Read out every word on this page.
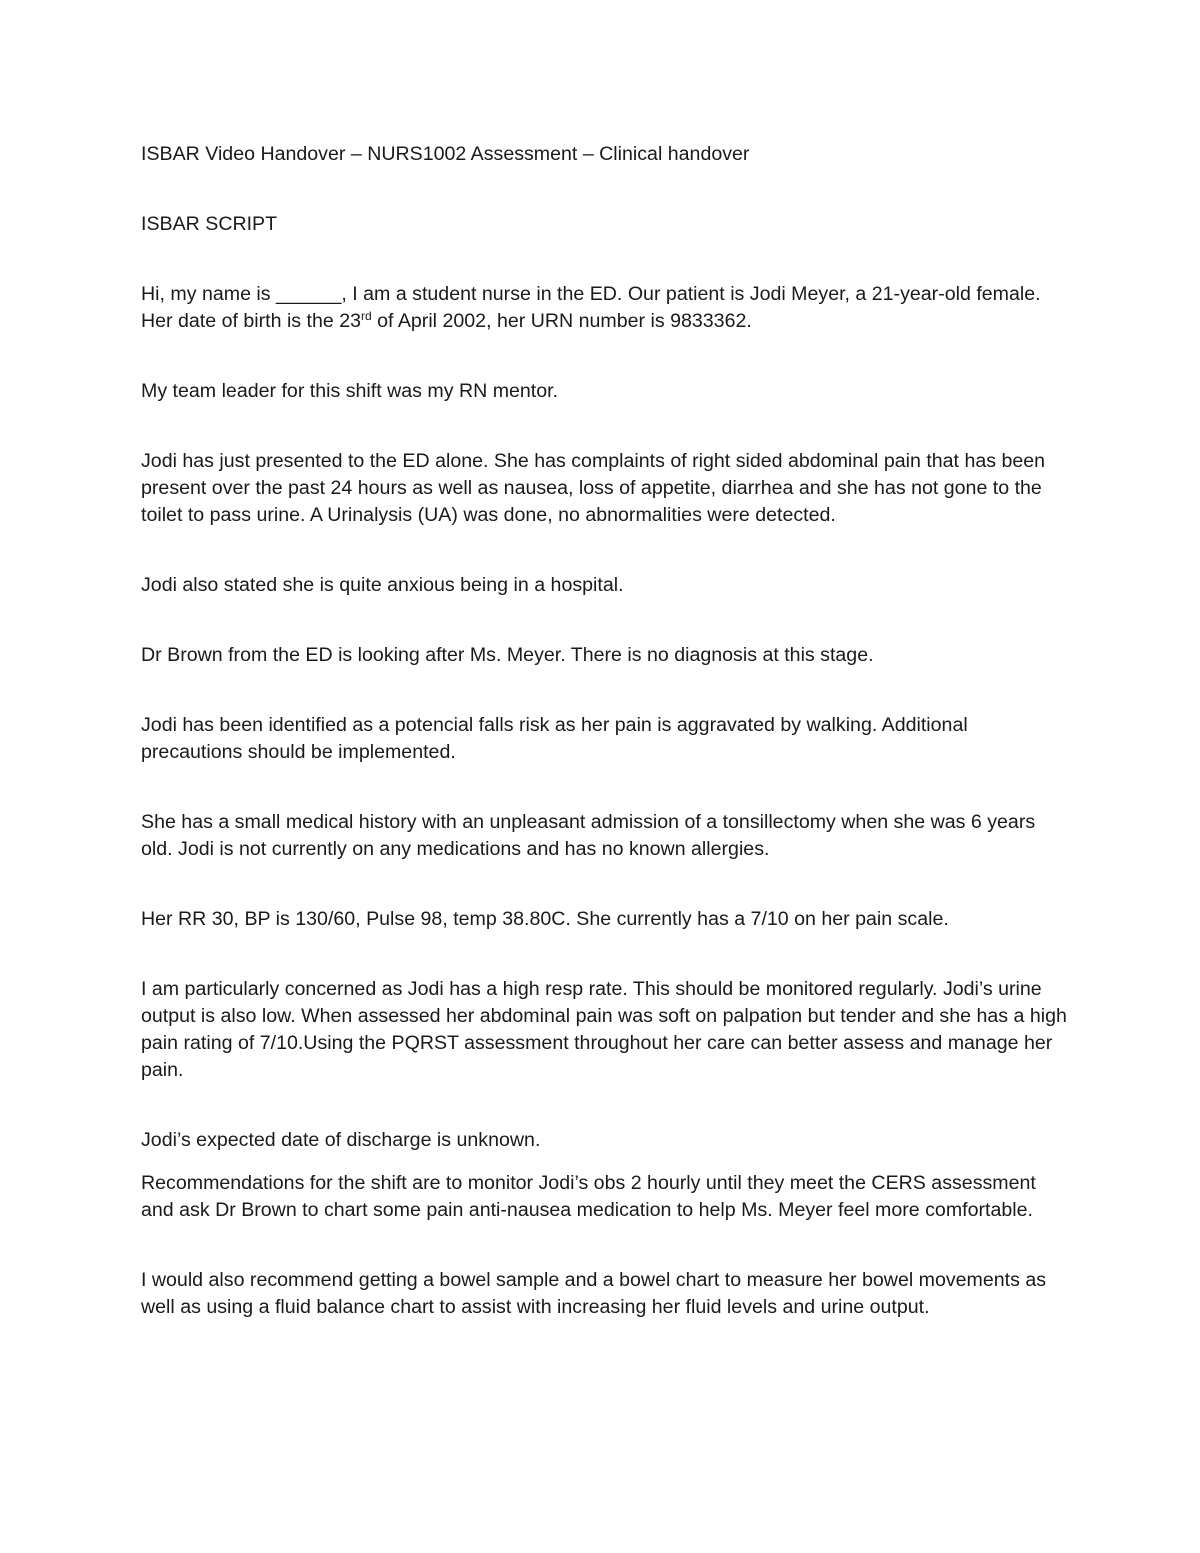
ISBAR Video Handover – NURS1002 Assessment – Clinical handover

ISBAR SCRIPT

Hi, my name is ______, I am a student nurse in the ED. Our patient is Jodi Meyer, a 21-year-old female. Her date of birth is the 23rd of April 2002, her URN number is 9833362.

My team leader for this shift was my RN mentor.

Jodi has just presented to the ED alone. She has complaints of right sided abdominal pain that has been present over the past 24 hours as well as nausea, loss of appetite, diarrhea and she has not gone to the toilet to pass urine. A Urinalysis (UA) was done, no abnormalities were detected.

Jodi also stated she is quite anxious being in a hospital.

Dr Brown from the ED is looking after Ms. Meyer. There is no diagnosis at this stage.

Jodi has been identified as a potencial falls risk as her pain is aggravated by walking. Additional precautions should be implemented.

She has a small medical history with an unpleasant admission of a tonsillectomy when she was 6 years old. Jodi is not currently on any medications and has no known allergies.

Her RR 30, BP is 130/60, Pulse 98, temp 38.80C. She currently has a 7/10 on her pain scale.

I am particularly concerned as Jodi has a high resp rate. This should be monitored regularly. Jodi’s urine output is also low. When assessed her abdominal pain was soft on palpation but tender and she has a high pain rating of 7/10.Using the PQRST assessment throughout her care can better assess and manage her pain.

Jodi’s expected date of discharge is unknown.

Recommendations for the shift are to monitor Jodi’s obs 2 hourly until they meet the CERS assessment and ask Dr Brown to chart some pain anti-nausea medication to help Ms. Meyer feel more comfortable.

I would also recommend getting a bowel sample and a bowel chart to measure her bowel movements as well as using a fluid balance chart to assist with increasing her fluid levels and urine output.
